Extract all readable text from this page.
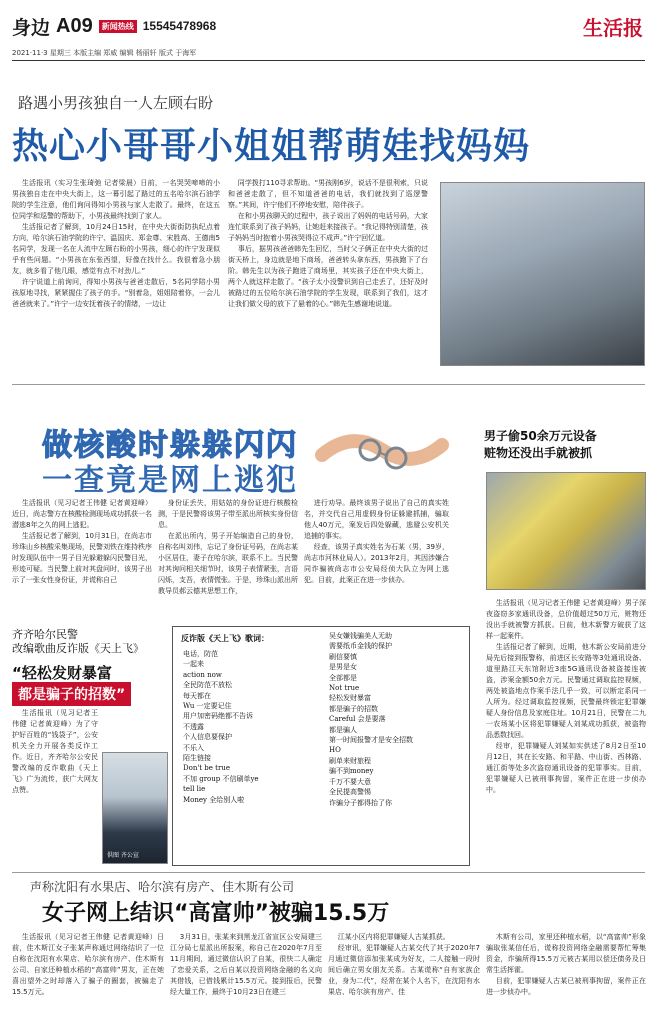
身边 A09	新闻热线 15545478968	生活报
2021·11·3 星期三 本版主编 郑威 编辑 杨丽轩 版式 于海军
路遇小男孩独自一人左顾右盼
热心小哥哥小姐姐帮萌娃找妈妈
生活报讯（实习生张琦弛 记者梁晨）日前，一名哭哭啼啼的小男孩独自走在中央大街上，这一幕引起了路过的五名哈尔滨石油学院的学生注意，他们询问得知小男孩与家人走散了。最终，在这五位同学和巡警的帮助下，小男孩最终找到了家人。
生活报记者了解到，10月24日15时，在中央大街街防执纪点着方向，哈尔滨石油学院的许宁、温国庆、郑金尊、宋胜高、王德南5名同学，发现一名在人流中左顾右盼的小男孩，细心的许宁发现似乎有些问题。“小男孩在东张西望，好像在找什么。我很着急小朋友，就多看了他几眼，感觉有点不对劲儿。”
许宁说道上前询问，得知小男孩与爸爸走散后，5名同学陪小男孩原地寻找，紧紧握住了孩子的手。“别着急，姐姐陪着你，一会儿爸爸就来了。”许宁一边安抚着孩子的情绪，一边让
同学拨打110寻求帮助。“男孩刚6岁，说话不是很利索，只说和爸爸走散了，但不知道爸爸的电话，我们就找到了巡逻警察。”其间，许宁他们不停地安慰，陪伴孩子。
在和小男孩聊天的过程中，孩子说出了妈妈的电话号码，大家连忙联系到了孩子妈妈，让她赶来接孩子。“我记得特别清楚，孩子妈妈当时抱着小男孩哭得泣不成声。”许宁回忆道。
事后，据男孩爸爸韩先生回忆，当时父子俩正在中央大街的过街天桥上，身边就是地下商场，爸爸转头拿东西，男孩跑下了台阶。韩先生以为孩子跑进了商场里，其实孩子还在中央大街上，两个人就这样走散了。“孩子太小没警识到自己走丢了，还好及时被路过的五位哈尔滨石油学院的学生发现，联系到了我们，这才让我们做父母的放下了悬着的心。”韩先生感谢地说道。
做核酸时躲躲闪闪
一查竟是网上逃犯
生活报讯（见习记者王伟健 记者黄迎峰）近日，尚志警方在核酸检测现场成功抓获一名潜逃8年之久的网上逃犯。
生活报记者了解到，10月31日，在尚志市珍珠山乡核酸采集现场，民警刘铁在维持秩序时发现队伍中一男子目光躲避躲闪民警目光，形迹可疑。当民警上前对其盘问时，该男子出示了一张女性身份证，并谎称自己
身份证丢失，用姑姑的身份证进行核酸检测，于是民警将该男子带至派出所核实身份信息。
在派出所内，男子开始编造自己的身份，自称名叫刘伟，忘记了身份证号码，在尚志某小区居住，妻子在哈尔滨，联系不上。当民警对其询问相关细节时，该男子表情紧张，言语闪烁，支吾，表情慌张。于是，珍珠山派出所教导员郝云德其思想工作，
进行劝导。最终该男子说出了自己的真实姓名，并交代自己用虚假身份证躲避抓捕，骗取他人40万元，案发后四处躲藏，逃避公安机关追捕的事实。
经查，该男子真实姓名为石某（男，39岁，尚志市河林业局人）。2013年2月，其因涉嫌合同诈骗被尚志市公安局经侦大队立为网上逃犯。目前，此案正在进一步侦办。
男子偷50余万元设备
赃物还没出手就被抓
生活报讯（见习记者王伟健 记者黄迎峰）男子深夜盗窃多家通讯设备，总价值超过50万元，赃物还没出手就被警方抓获。日前，他木新警方破获了这样一起案件。
生活报记者了解到，近期，他木新公安局前进分局先后接到报警称，前进区长安路等3处通讯设备、道里路江天东馆附近3座5G通讯设备被盗接连被盗，涉案金额50余万元。民警通过调取监控视频，两处被盗地点作案手法几乎一致，可以断定系同一人所为。经过调取监控视频，民警最终锁定犯罪嫌疑人身份信息及家庭住址。10月21日，民警在二九一农场某小区将犯罪嫌疑人刘某成功抓获，被盗物品悉数找回。
经审，犯罪嫌疑人刘某如实供述了8月2日至10月12日，其在长安路、和平路、中山街、西林路、通江街等处多次盗窃通讯设备的犯罪事实。目前，犯罪嫌疑人已被刑事拘留，案件正在进一步侦办中。
齐齐哈尔民警
改编歌曲反诈版《天上飞》
“轻松发财暴富
都是骗子的招数”
生活报讯（见习记者王伟健 记者黄迎峰）为了守护好百姓的“钱袋子”，公安机关全力开展各类反诈工作。近日，齐齐哈尔公安民警改编的反诈歌曲《天上飞》广为流传，获广大网友点赞。
供图 齐公宣
反诈版《天上飞》歌词：
电话，防范
一起来
action now
全民防范不放松
每天都在
Wu 一定要记住
用户加密码绝都不告诉
不透露
个人信息要保护
不乐入
陌生链接
Don't be true
不加 group 不信刷单ye
tell lie
Money 全给别人啦
吴女嫌钱骗美人无助
需要纸币金钱的保护
刷信要慎
是男是女
全部都是
Not true
轻松发财暴富
都是骗子的招数
Careful 会是要落
都是骗人
第一时间报警才是安全招数
HO
刷单来财旅程
骗不到money
千万不要大意
全民提高警惕
诈骗分子都得抬了你
声称沈阳有水果店、哈尔滨有房产、佳木斯有公司
女子网上结识“高富帅”被骗15.5万
生活报讯（见习记者王伟健 记者黄迎峰）日前，佳木斯江女子张某声称通过网络结识了一位自称在沈阳有水果店、哈尔滨有房产、佳木斯有公司、自家还种植水稻的“高富帅”男友，正在她喜出望外之时却落入了骗子的圈套，被骗走了15.5万元。
3月31日，张某来到黑龙江省宣区公安局建三江分局七星派出所报案，称自己在2020年7月至11月期间，通过微信认识了自某，很快二人确定了恋爱关系，之后自某以投资网络金融的名义向其借钱，已借钱累计15.5万元。接到报后，民警经大量工作，最终于10月23日在建三
江某小区内将犯罪嫌疑人古某抓获。
经审讯，犯罪嫌疑人古某交代了其于2020年7月通过微信添加张某成为好友，二人接触一段时间后确立男女朋友关系。古某谎称“自有家族企业，身为二代”，经常在某个人名下，在沈阳有水果店、哈尔滨有房产、佳
木斯有公司，家里还种植水稻，以“高富帅”形象骗取张某信任后，谎称投资网络金融需要帮忙筹集资金，诈骗所得15.5万元被古某用以偿还债务及日常生活挥霍。
目前，犯罪嫌疑人古某已被刑事拘留，案件正在进一步侦办中。
